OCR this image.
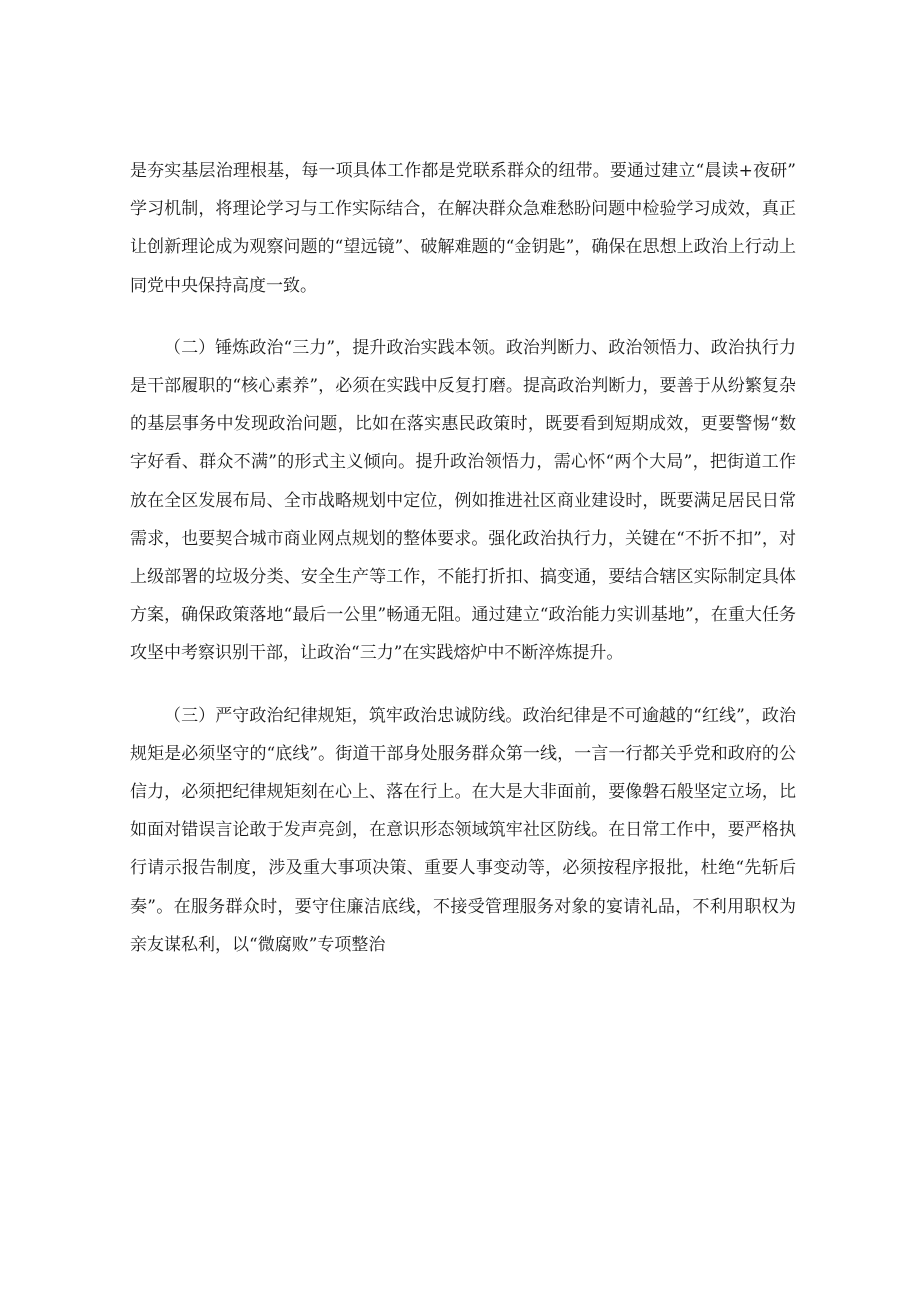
是夯实基层治理根基，每一项具体工作都是党联系群众的纽带。要通过建立“晨读+夜研”学习机制，将理论学习与工作实际结合，在解决群众急难愁盼问题中检验学习成效，真正让创新理论成为观察问题的“望远镜”、破解难题的“金钥匙”，确保在思想上政治上行动上同党中央保持高度一致。

（二）锤炼政治“三力”，提升政治实践本领。政治判断力、政治领悟力、政治执行力是干部履职的“核心素养”，必须在实践中反复打磨。提高政治判断力，要善于从纷繁复杂的基层事务中发现政治问题，比如在落实惠民政策时，既要看到短期成效，更要警惕“数字好看、群众不满”的形式主义倾向。提升政治领悟力，需心怀“两个大局”，把街道工作放在全区发展布局、全市战略规划中定位，例如推进社区商业建设时，既要满足居民日常需求，也要契合城市商业网点规划的整体要求。强化政治执行力，关键在“不折不扣”，对上级部署的垃圾分类、安全生产等工作，不能打折扣、搞变通，要结合辖区实际制定具体方案，确保政策落地“最后一公里”畅通无阻。通过建立“政治能力实训基地”，在重大任务攻坚中考察识别干部，让政治“三力”在实践熔炉中不断淬炼提升。

（三）严守政治纪律规矩，筑牢政治忠诚防线。政治纪律是不可逾越的“红线”，政治规矩是必须坚守的“底线”。街道干部身处服务群众第一线，一言一行都关乎党和政府的公信力，必须把纪律规矩刻在心上、落在行上。在大是大非面前，要像磐石般坚定立场，比如面对错误言论敢于发声亮剑，在意识形态领域筑牢社区防线。在日常工作中，要严格执行请示报告制度，涉及重大事项决策、重要人事变动等，必须按程序报批，杜绝“先斩后奏”。在服务群众时，要守住廉洁底线，不接受管理服务对象的宴请礼品，不利用职权为亲友谋私利，以“微腐败”专项整治
